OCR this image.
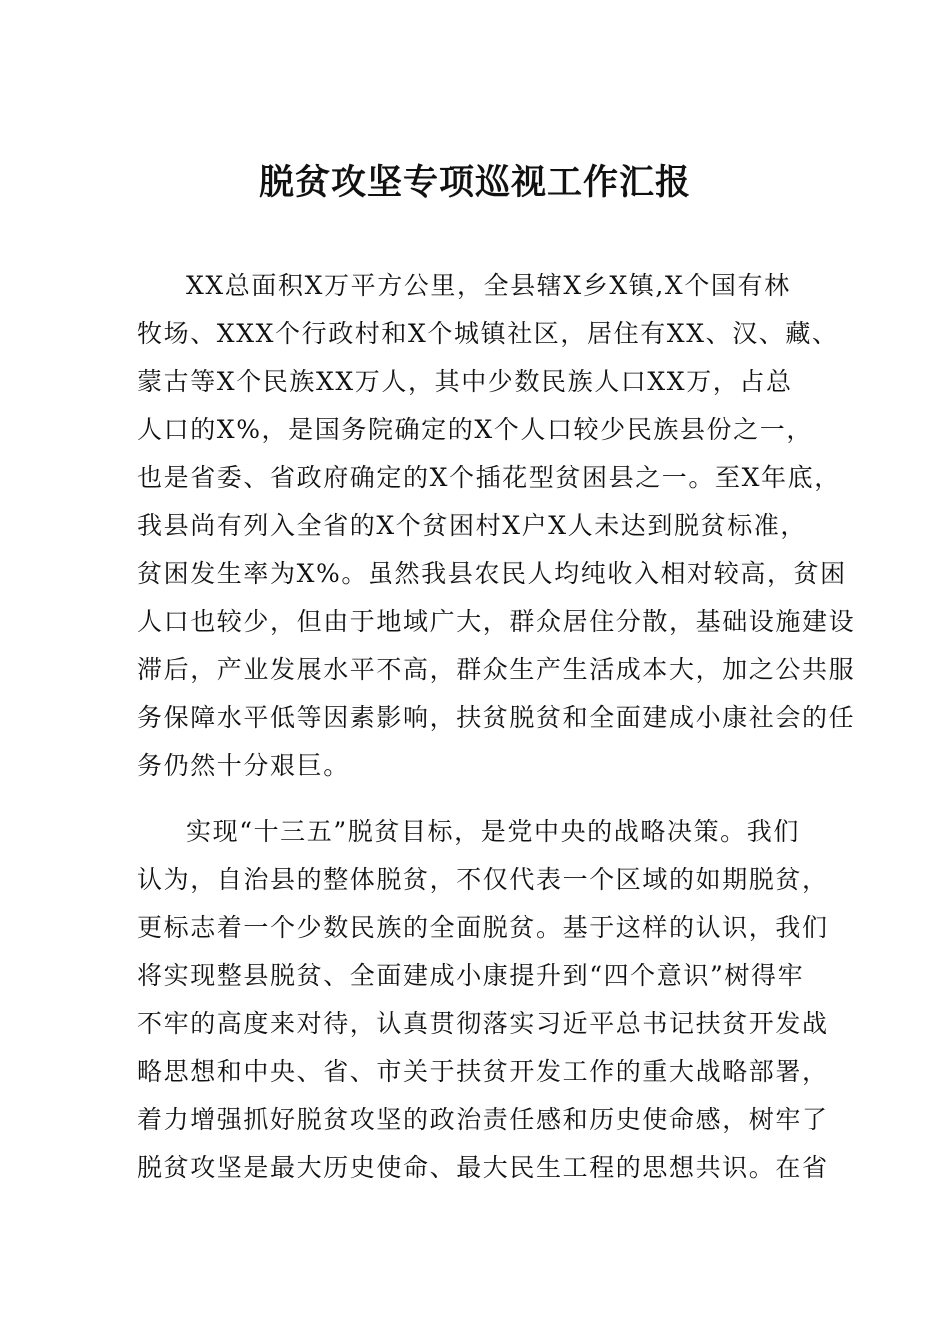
脱贫攻坚专项巡视工作汇报
XX总面积X万平方公里，全县辖X乡X镇,X个国有林
牧场、XXX个行政村和X个城镇社区，居住有XX、汉、藏、
蒙古等X个民族XX万人，其中少数民族人口XX万，占总
人口的X%，是国务院确定的X个人口较少民族县份之一，
也是省委、省政府确定的X个插花型贫困县之一。至X年底，
我县尚有列入全省的X个贫困村X户X人未达到脱贫标准，
贫困发生率为X%。虽然我县农民人均纯收入相对较高，贫困
人口也较少，但由于地域广大，群众居住分散，基础设施建设
滞后，产业发展水平不高，群众生产生活成本大，加之公共服
务保障水平低等因素影响，扶贫脱贫和全面建成小康社会的任
务仍然十分艰巨。
实现“十三五”脱贫目标，是党中央的战略决策。我们
认为，自治县的整体脱贫，不仅代表一个区域的如期脱贫，
更标志着一个少数民族的全面脱贫。基于这样的认识，我们
将实现整县脱贫、全面建成小康提升到“四个意识”树得牢
不牢的高度来对待，认真贯彻落实习近平总书记扶贫开发战
略思想和中央、省、市关于扶贫开发工作的重大战略部署，
着力增强抓好脱贫攻坚的政治责任感和历史使命感，树牢了
脱贫攻坚是最大历史使命、最大民生工程的思想共识。在省
